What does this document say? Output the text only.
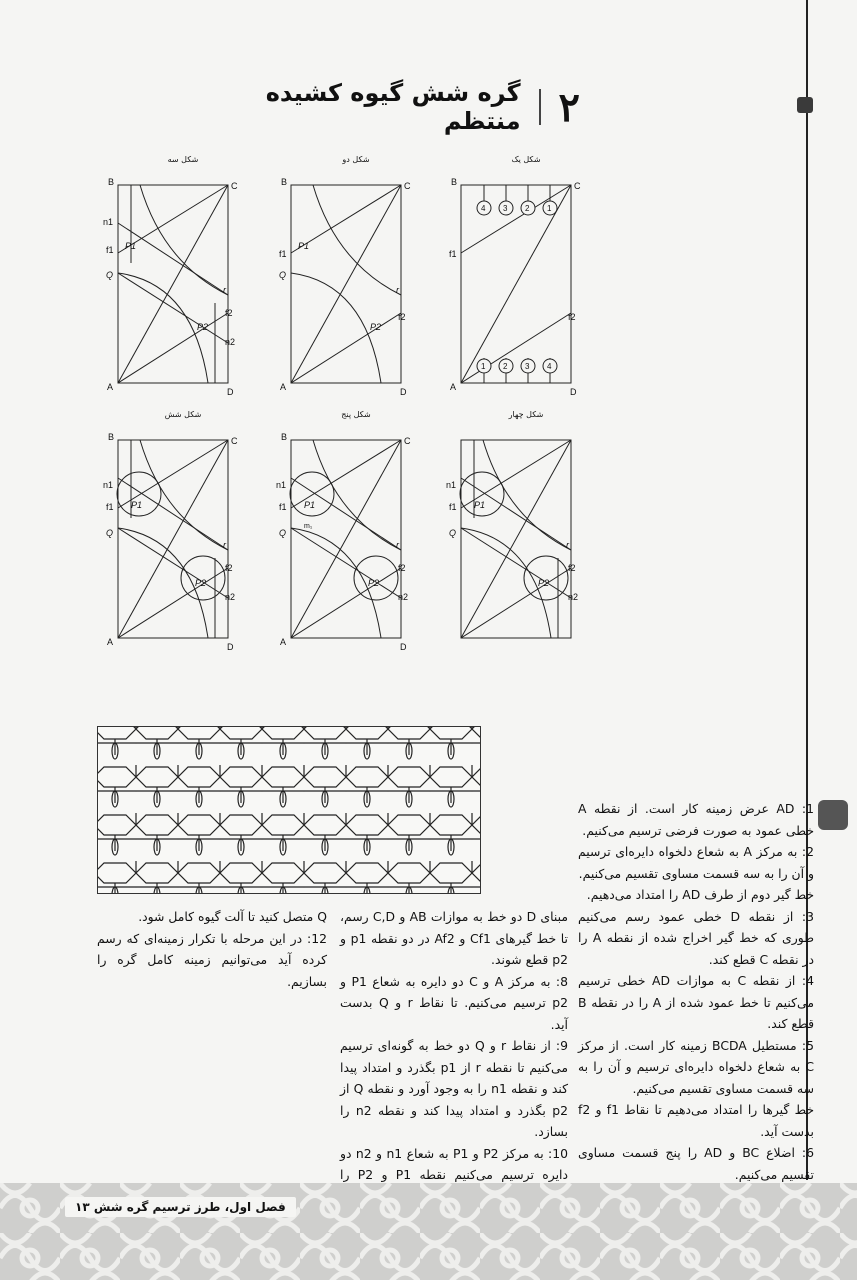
۲
گره شش گیوه کشیده منتظم
شکل یک
B	C
A	D
f1
f2
4 3 2 1
1 2 3 4
شکل دو
B	C
A	D
f1
f2
P1
P2
Q
r
شکل سه
B	C
A	D
n1
f1
f2
n2
P1
P2
Q
r
شکل چهار
n1
f1
f2
n2
P1
P2
Q
r
شکل پنج
B	C
A	D
n1
f1
f2
n2
P1
m₁
P2
Q
r
شکل شش
B	C
A	D
n1
f1
f2
n2
P1
P2
Q
r

1: AD عرض زمینه کار است. از نقطه A خطی عمود به صورت فرضی ترسیم می‌کنیم.

2: به مرکز A به شعاع دلخواه دایره‌ای ترسیم و آن را به سه قسمت مساوی تقسیم می‌کنیم.

خط گیر دوم از طرف AD را امتداد می‌دهیم.

3: از نقطه D خطی عمود رسم می‌کنیم طوری که خط گیر اخراج شده از نقطه A را در نقطه C قطع کند.

4: از نقطه C به موازات AD خطی ترسیم می‌کنیم تا خط عمود شده از A را در نقطه B قطع کند.

5: مستطیل BCDA زمینه کار است. از مرکز C به شعاع دلخواه دایره‌ای ترسیم و آن را به سه قسمت مساوی تقسیم می‌کنیم.

خط گیرها را امتداد می‌دهیم تا نقاط f1 و f2 بدست آید.

6: اضلاع BC و AD را پنج قسمت مساوی تقسیم می‌کنیم.

مبنای D دو خط به موازات AB و C,D رسم، تا خط گیرهای Cf1 و Af2 در دو نقطه p1 و p2 قطع شوند.

8: به مرکز A و C دو دایره به شعاع P1 و p2 ترسیم می‌کنیم. تا نقاط r و Q بدست آید.

9: از نقاط r و Q دو خط به گونه‌ای ترسیم می‌کنیم تا نقطه r از p1 بگذرد و امتداد پیدا کند و نقطه n1 را به وجود آورد و نقطه Q از p2 بگذرد و امتداد پیدا کند و نقطه n2 را بسازد.

10: به مرکز P2 و P1 به شعاع n1 و n2 دو دایره ترسیم می‌کنیم نقطه P1 و P2 را

Q متصل کنید تا آلت گیوه کامل شود.

12: در این مرحله با تکرار زمینه‌ای که رسم کرده آید می‌توانیم زمینه کامل گره را بسازیم.

فصل اول، طرز ترسیم گره شش ۱۳
